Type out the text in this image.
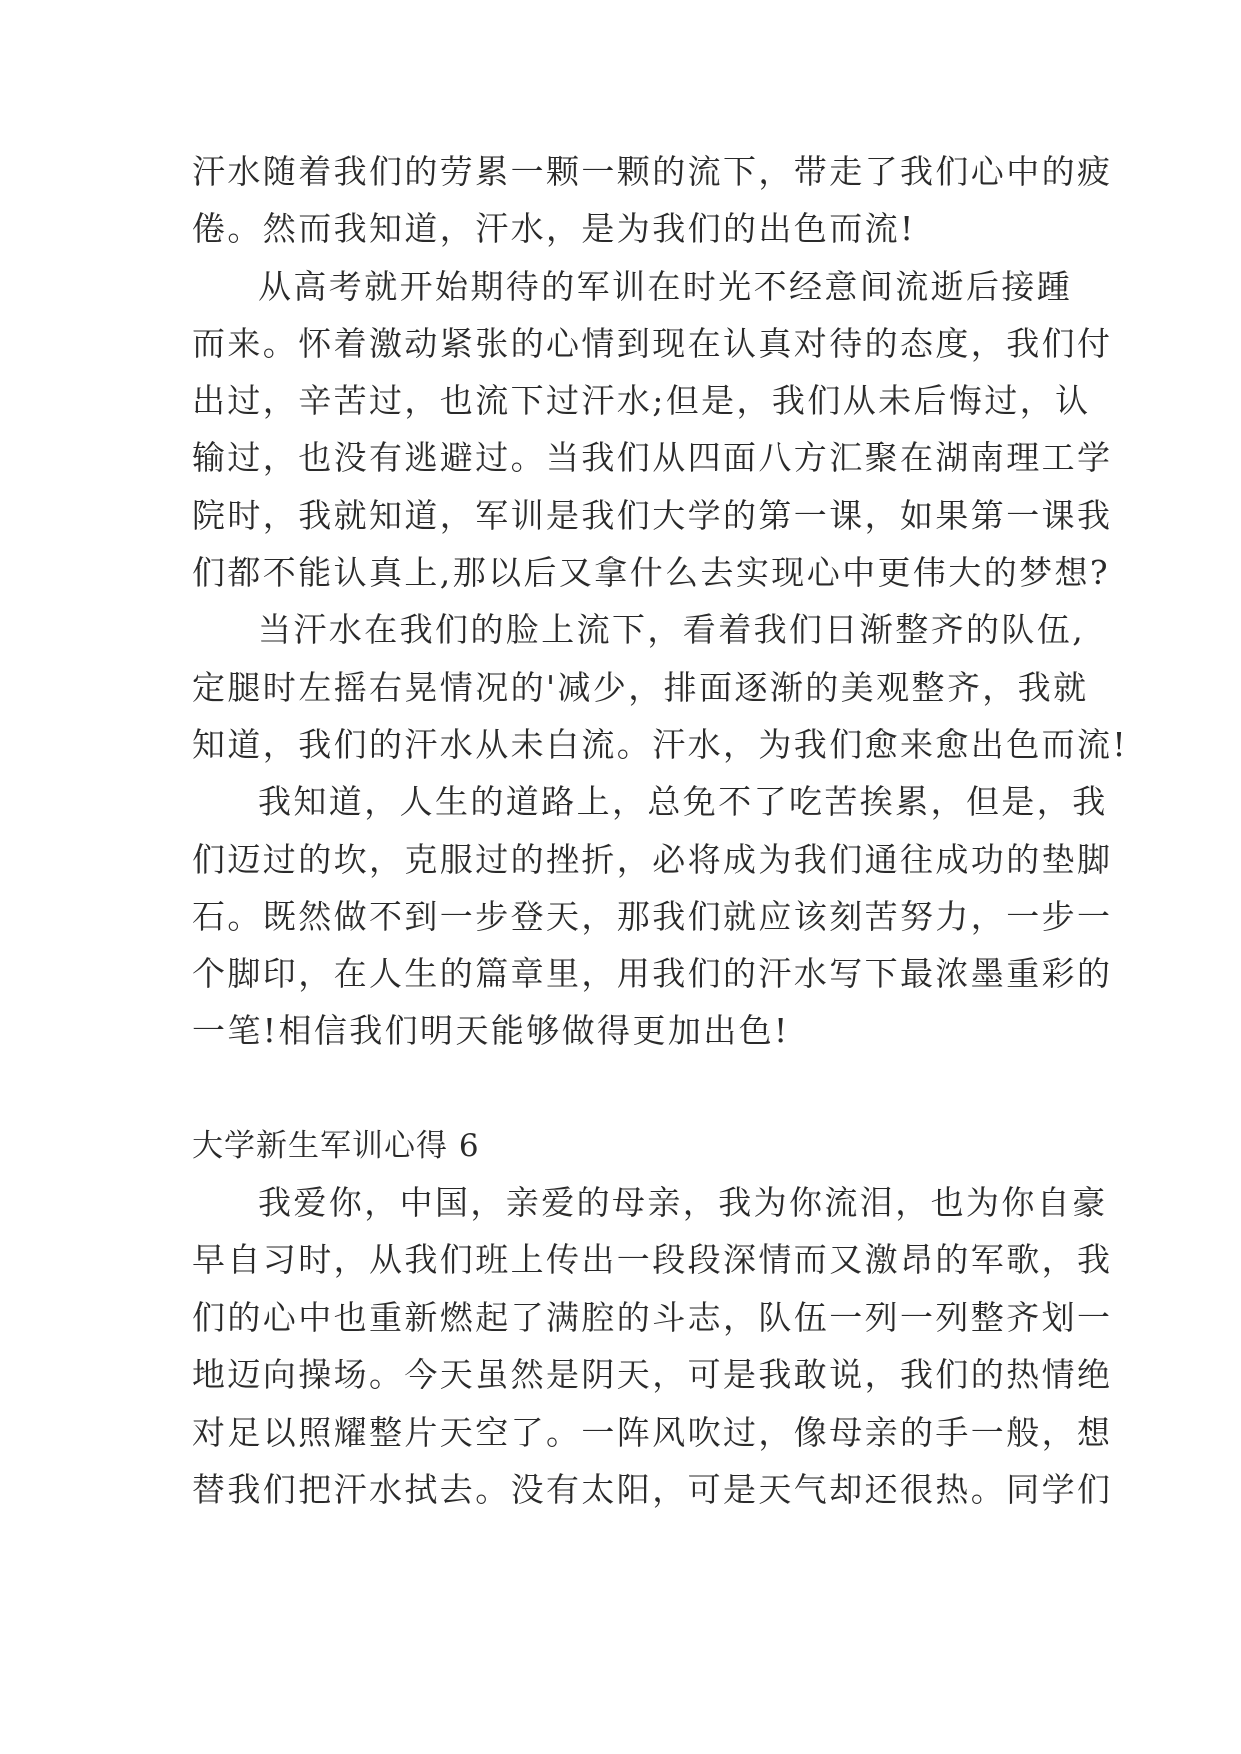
汗水随着我们的劳累一颗一颗的流下，带走了我们心中的疲
倦。然而我知道，汗水，是为我们的出色而流!
从高考就开始期待的军训在时光不经意间流逝后接踵
而来。怀着激动紧张的心情到现在认真对待的态度，我们付
出过，辛苦过，也流下过汗水;但是，我们从未后悔过，认
输过，也没有逃避过。当我们从四面八方汇聚在湖南理工学
院时，我就知道，军训是我们大学的第一课，如果第一课我
们都不能认真上,那以后又拿什么去实现心中更伟大的梦想?
当汗水在我们的脸上流下，看着我们日渐整齐的队伍,
定腿时左摇右晃情况的'减少，排面逐渐的美观整齐，我就
知道，我们的汗水从未白流。汗水，为我们愈来愈出色而流!
我知道，人生的道路上，总免不了吃苦挨累，但是，我
们迈过的坎，克服过的挫折，必将成为我们通往成功的垫脚
石。既然做不到一步登天，那我们就应该刻苦努力，一步一
个脚印，在人生的篇章里，用我们的汗水写下最浓墨重彩的
一笔!相信我们明天能够做得更加出色!
大学新生军训心得 6
我爱你，中国，亲爱的母亲，我为你流泪，也为你自豪
早自习时，从我们班上传出一段段深情而又激昂的军歌，我
们的心中也重新燃起了满腔的斗志，队伍一列一列整齐划一
地迈向操场。今天虽然是阴天，可是我敢说，我们的热情绝
对足以照耀整片天空了。一阵风吹过，像母亲的手一般，想
替我们把汗水拭去。没有太阳，可是天气却还很热。同学们
